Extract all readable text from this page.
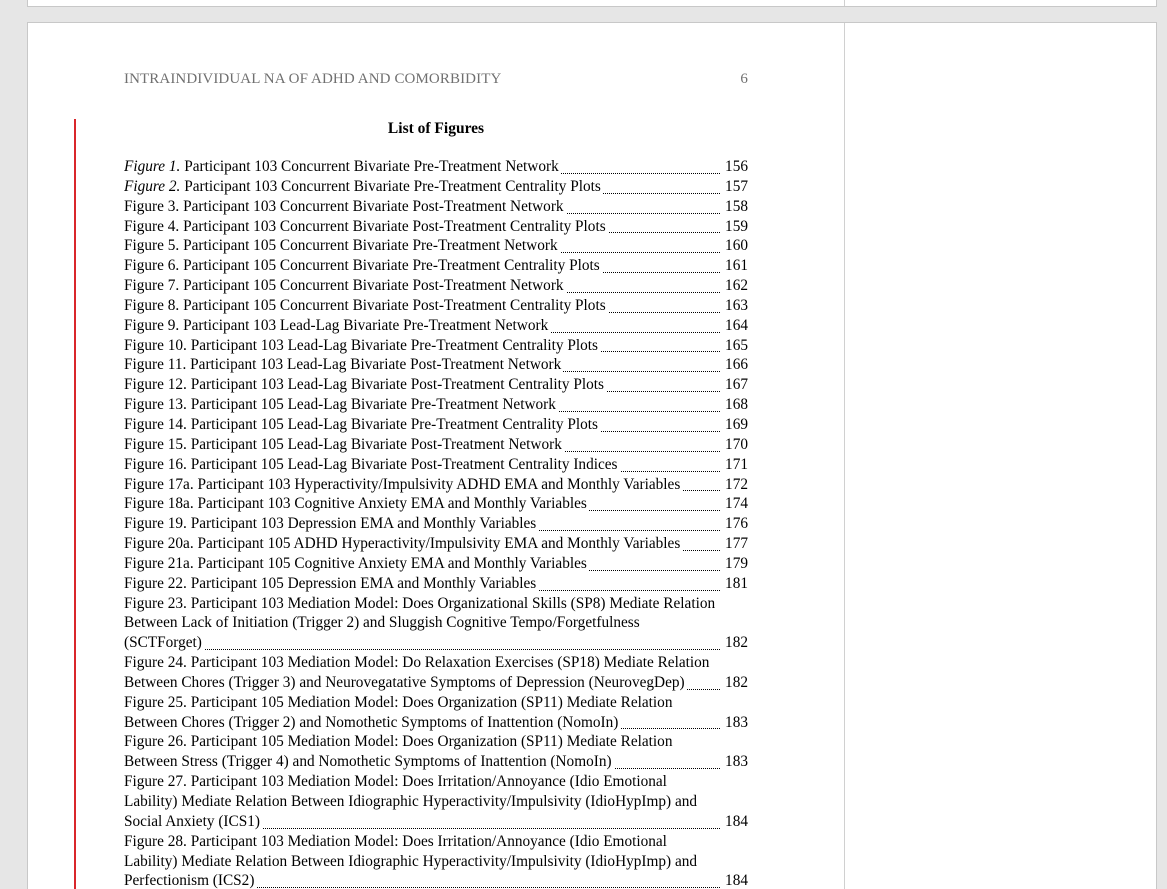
INTRAINDIVIDUAL NA OF ADHD AND COMORBIDITY	6
List of Figures
Figure 1. Participant 103 Concurrent Bivariate Pre-Treatment Network	156
Figure 2. Participant 103 Concurrent Bivariate Pre-Treatment Centrality Plots	157
Figure 3. Participant 103 Concurrent Bivariate Post-Treatment Network	158
Figure 4. Participant 103 Concurrent Bivariate Post-Treatment Centrality Plots	159
Figure 5. Participant 105 Concurrent Bivariate Pre-Treatment Network	160
Figure 6. Participant 105 Concurrent Bivariate Pre-Treatment Centrality Plots	161
Figure 7. Participant 105 Concurrent Bivariate Post-Treatment Network	162
Figure 8. Participant 105 Concurrent Bivariate Post-Treatment Centrality Plots	163
Figure 9. Participant 103 Lead-Lag Bivariate Pre-Treatment Network	164
Figure 10. Participant 103 Lead-Lag Bivariate Pre-Treatment Centrality Plots	165
Figure 11. Participant 103 Lead-Lag Bivariate Post-Treatment Network	166
Figure 12. Participant 103 Lead-Lag Bivariate Post-Treatment Centrality Plots	167
Figure 13. Participant 105 Lead-Lag Bivariate Pre-Treatment Network	168
Figure 14. Participant 105 Lead-Lag Bivariate Pre-Treatment Centrality Plots	169
Figure 15. Participant 105 Lead-Lag Bivariate Post-Treatment Network	170
Figure 16. Participant 105 Lead-Lag Bivariate Post-Treatment Centrality Indices	171
Figure 17a. Participant 103 Hyperactivity/Impulsivity ADHD EMA and Monthly Variables	172
Figure 18a. Participant 103 Cognitive Anxiety EMA and Monthly Variables	174
Figure 19. Participant 103 Depression EMA and Monthly Variables	176
Figure 20a. Participant 105 ADHD Hyperactivity/Impulsivity EMA and Monthly Variables	177
Figure 21a. Participant 105 Cognitive Anxiety EMA and Monthly Variables	179
Figure 22. Participant 105 Depression EMA and Monthly Variables	181
Figure 23. Participant 103 Mediation Model: Does Organizational Skills (SP8) Mediate Relation
Between Lack of Initiation (Trigger 2) and Sluggish Cognitive Tempo/Forgetfulness
(SCTForget)	182
Figure 24. Participant 103 Mediation Model: Do Relaxation Exercises (SP18) Mediate Relation
Between Chores (Trigger 3) and Neurovegatative Symptoms of Depression (NeurovegDep)	182
Figure 25. Participant 105 Mediation Model: Does Organization (SP11) Mediate Relation
Between Chores (Trigger 2) and Nomothetic Symptoms of Inattention (NomoIn)	183
Figure 26. Participant 105 Mediation Model: Does Organization (SP11) Mediate Relation
Between Stress (Trigger 4) and Nomothetic Symptoms of Inattention (NomoIn)	183
Figure 27. Participant 103 Mediation Model: Does Irritation/Annoyance (Idio Emotional
Lability) Mediate Relation Between Idiographic Hyperactivity/Impulsivity (IdioHypImp) and
Social Anxiety (ICS1)	184
Figure 28. Participant 103 Mediation Model: Does Irritation/Annoyance (Idio Emotional
Lability) Mediate Relation Between Idiographic Hyperactivity/Impulsivity (IdioHypImp) and
Perfectionism (ICS2)	184
